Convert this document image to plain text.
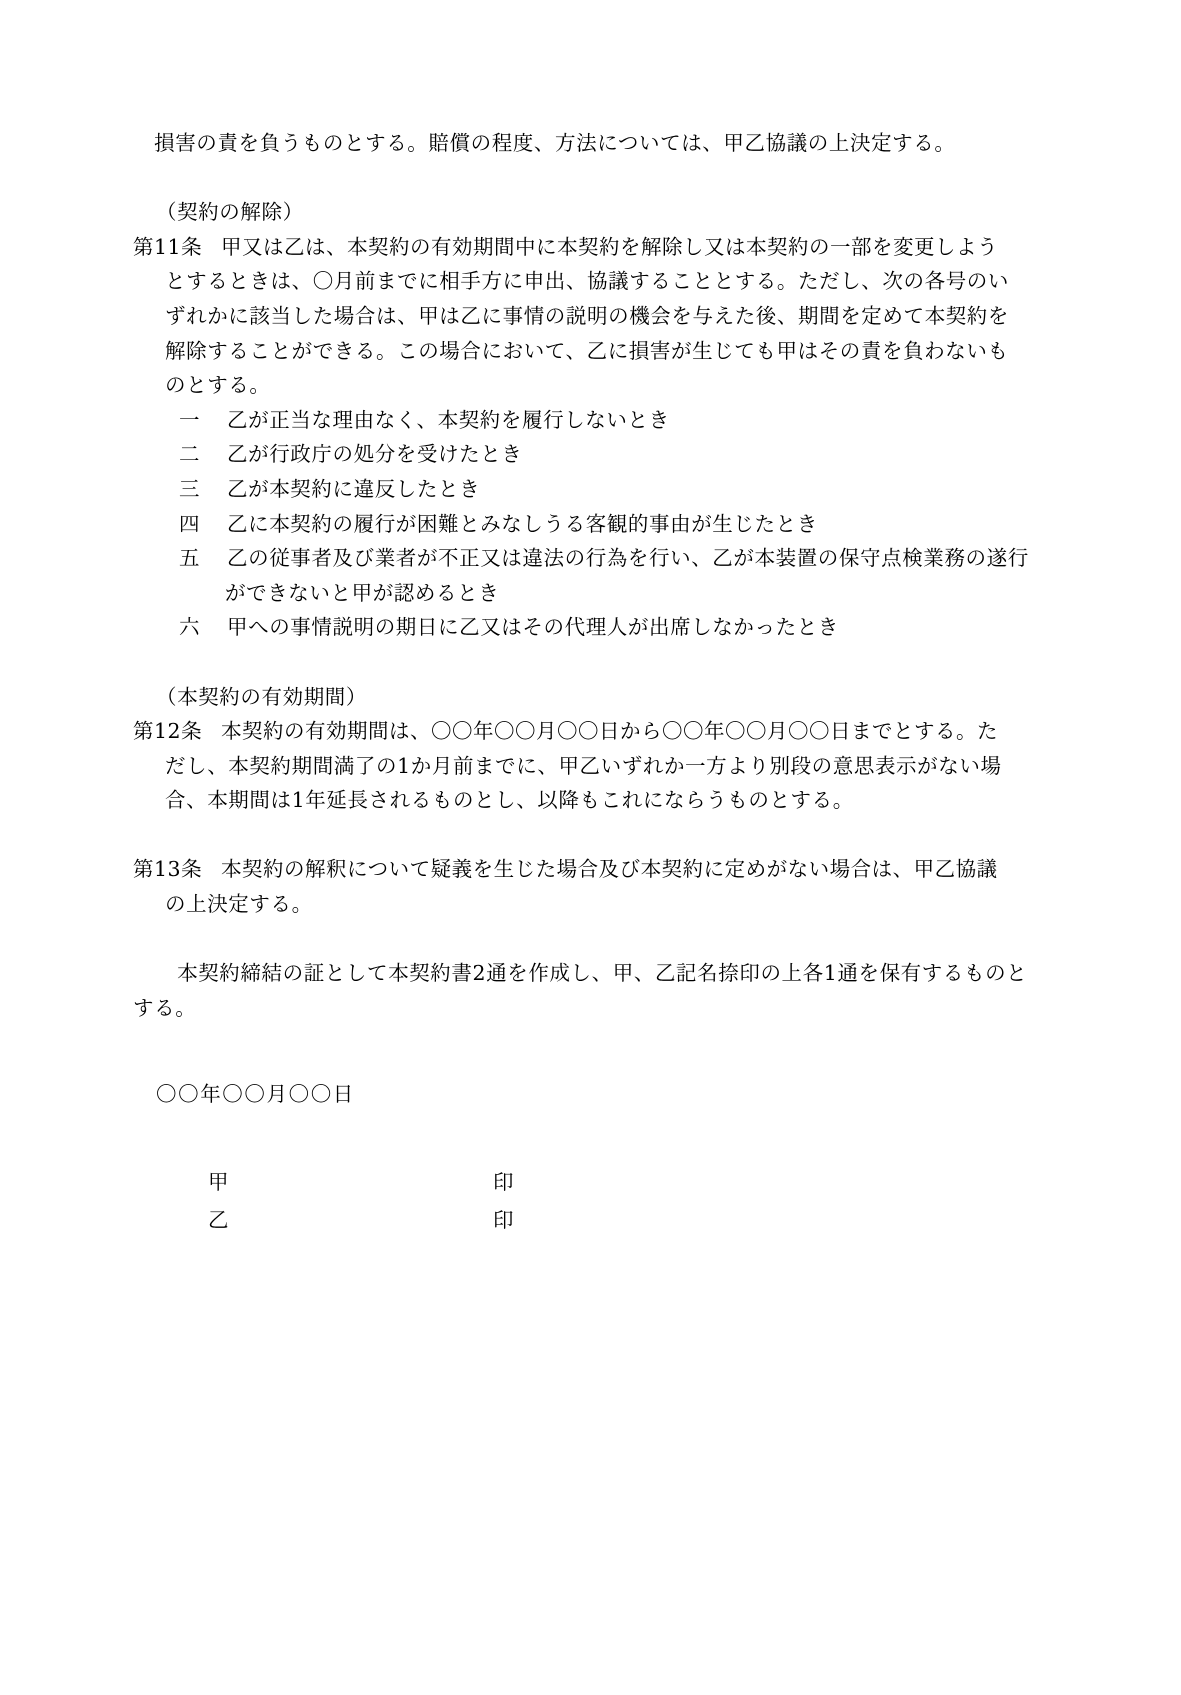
　損害の責を負うものとする。賠償の程度、方法については、甲乙協議の上決定する。
（契約の解除）
第11条 甲又は乙は、本契約の有効期間中に本契約を解除し又は本契約の一部を変更しよう
とするときは、〇月前までに相手方に申出、協議することとする。ただし、次の各号のい
ずれかに該当した場合は、甲は乙に事情の説明の機会を与えた後、期間を定めて本契約を
解除することができる。この場合において、乙に損害が生じても甲はその責を負わないも
のとする。
一	乙が正当な理由なく、本契約を履行しないとき
二	乙が行政庁の処分を受けたとき
三	乙が本契約に違反したとき
四	乙に本契約の履行が困難とみなしうる客観的事由が生じたとき
五	乙の従事者及び業者が不正又は違法の行為を行い、乙が本装置の保守点検業務の遂行
ができないと甲が認めるとき
六	甲への事情説明の期日に乙又はその代理人が出席しなかったとき
（本契約の有効期間）
第12条 本契約の有効期間は、〇〇年〇〇月〇〇日から〇〇年〇〇月〇〇日までとする。た
だし、本契約期間満了の1か月前までに、甲乙いずれか一方より別段の意思表示がない場
合、本期間は1年延長されるものとし、以降もこれにならうものとする。
第13条 本契約の解釈について疑義を生じた場合及び本契約に定めがない場合は、甲乙協議
の上決定する。
　本契約締結の証として本契約書2通を作成し、甲、乙記名捺印の上各1通を保有するものと
する。
〇〇年〇〇月〇〇日
甲	印
乙	印
